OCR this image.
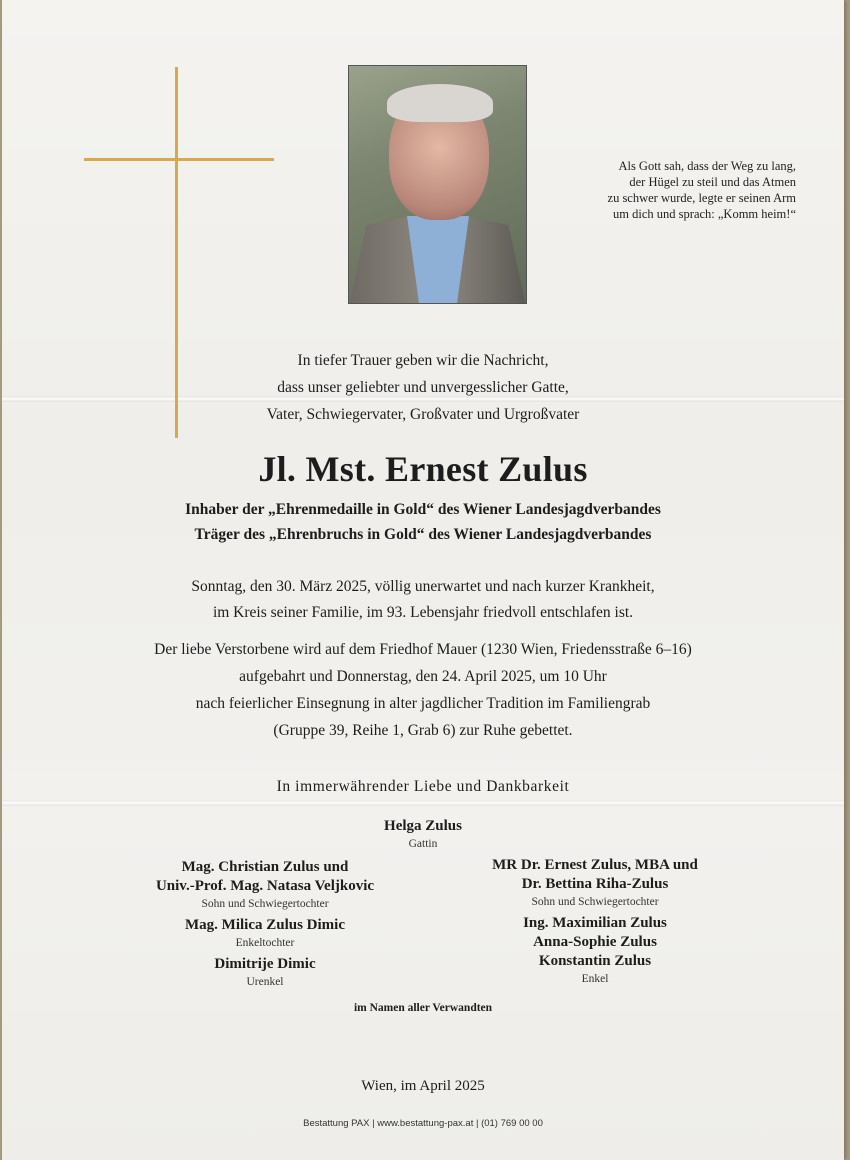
Als Gott sah, dass der Weg zu lang,
der Hügel zu steil und das Atmen
zu schwer wurde, legte er seinen Arm
um dich und sprach: „Komm heim!“
In tiefer Trauer geben wir die Nachricht,
dass unser geliebter und unvergesslicher Gatte,
Vater, Schwiegervater, Großvater und Urgroßvater
Jl. Mst. Ernest Zulus
Inhaber der „Ehrenmedaille in Gold“ des Wiener Landesjagdverbandes
Träger des „Ehrenbruchs in Gold“ des Wiener Landesjagdverbandes
Sonntag, den 30. März 2025, völlig unerwartet und nach kurzer Krankheit,
im Kreis seiner Familie, im 93. Lebensjahr friedvoll entschlafen ist.
Der liebe Verstorbene wird auf dem Friedhof Mauer (1230 Wien, Friedensstraße 6–16)
aufgebahrt und Donnerstag, den 24. April 2025, um 10 Uhr
nach feierlicher Einsegnung in alter jagdlicher Tradition im Familiengrab
(Gruppe 39, Reihe 1, Grab 6) zur Ruhe gebettet.
In immerwährender Liebe und Dankbarkeit
Helga Zulus
Gattin
Mag. Christian Zulus und
Univ.-Prof. Mag. Natasa Veljkovic
Sohn und Schwiegertochter
Mag. Milica Zulus Dimic
Enkeltochter
Dimitrije Dimic
Urenkel
MR Dr. Ernest Zulus, MBA und
Dr. Bettina Riha-Zulus
Sohn und Schwiegertochter
Ing. Maximilian Zulus
Anna-Sophie Zulus
Konstantin Zulus
Enkel
im Namen aller Verwandten
Wien, im April 2025
Bestattung PAX | www.bestattung-pax.at | (01) 769 00 00
